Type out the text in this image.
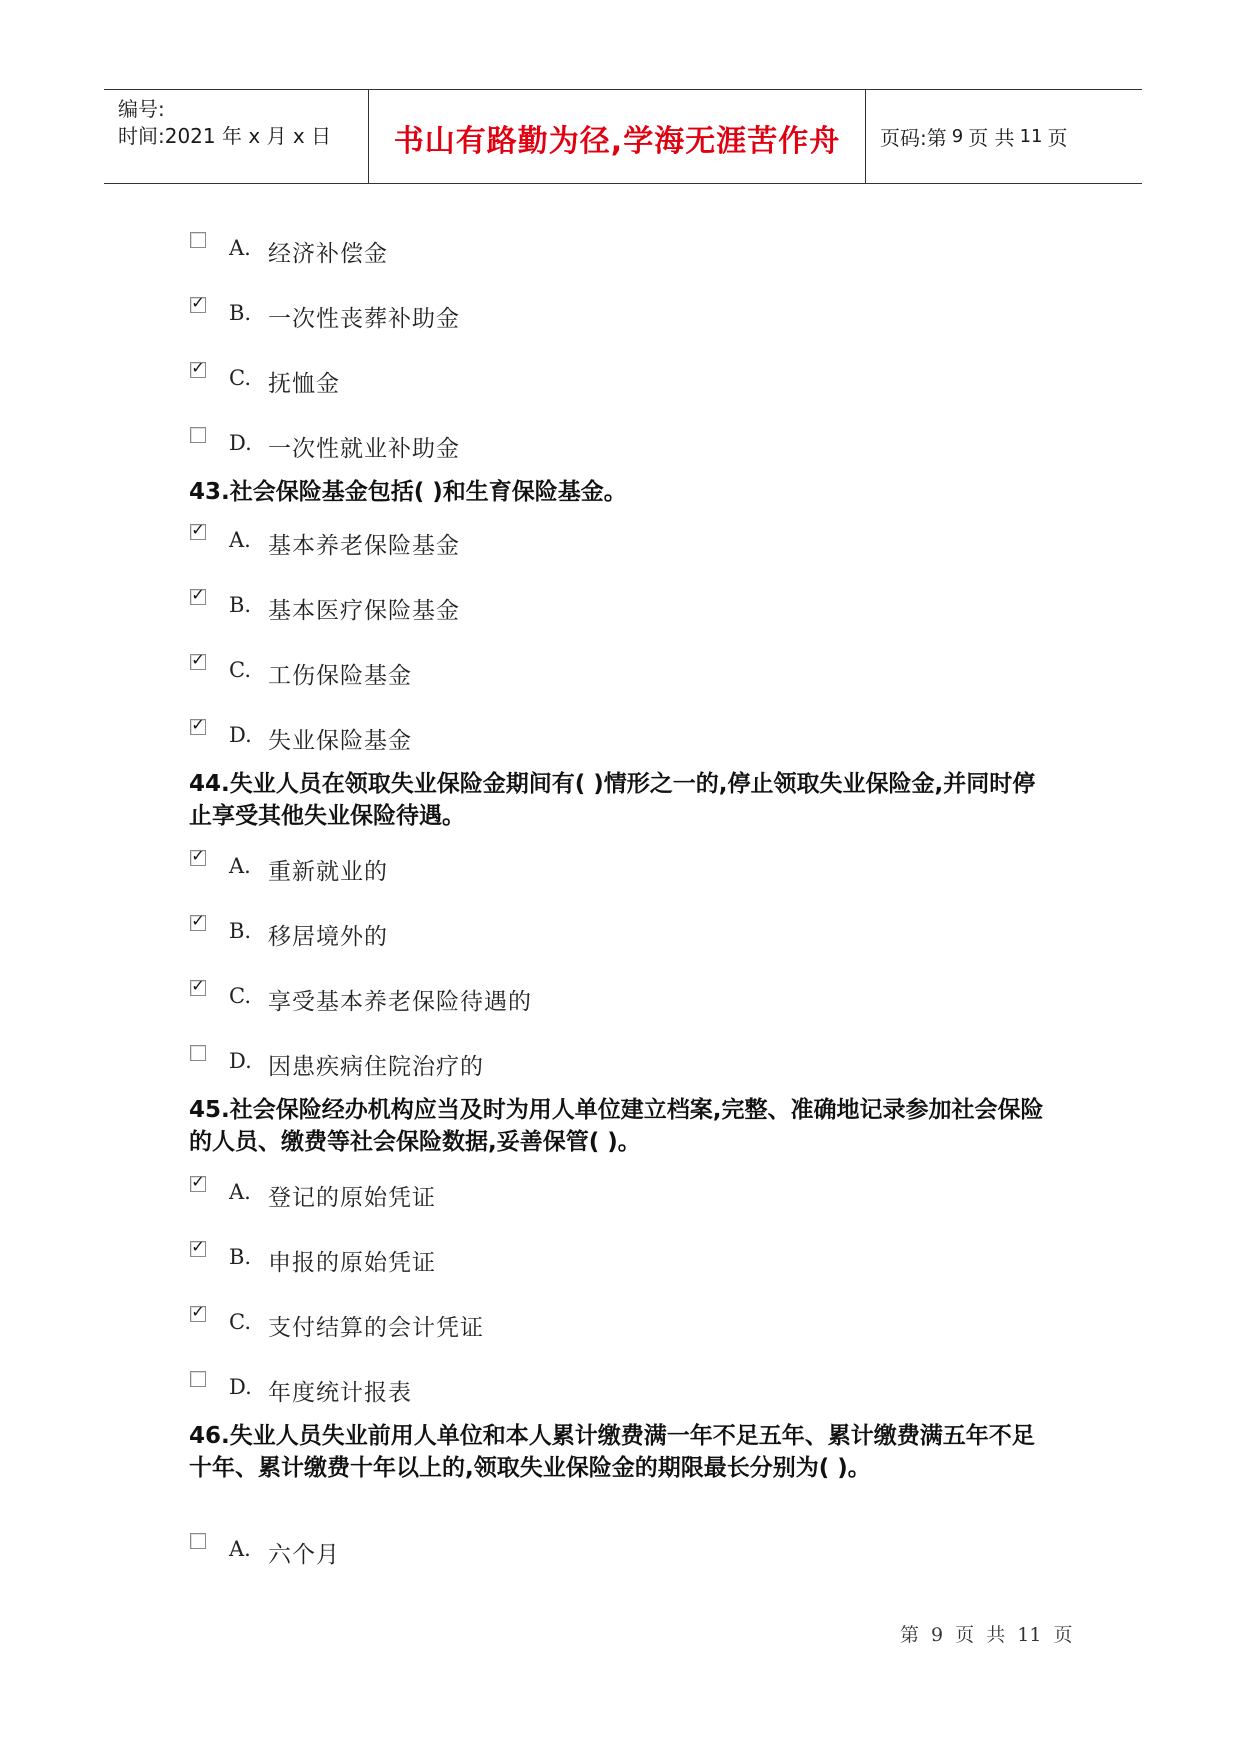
编号:
时间:2021 年 x 月 x 日 书山有路勤为径,学海无涯苦作舟 页码:第 9 页 共 11 页
A. 经济补偿金
✓ B. 一次性丧葬补助金
✓ C. 抚恤金
D. 一次性就业补助金
43.社会保险基金包括( )和生育保险基金。
✓ A. 基本养老保险基金
✓ B. 基本医疗保险基金
✓ C. 工伤保险基金
✓ D. 失业保险基金
44.失业人员在领取失业保险金期间有( )情形之一的,停止领取失业保险金,并同时停止享受其他失业保险待遇。
✓ A. 重新就业的
✓ B. 移居境外的
✓ C. 享受基本养老保险待遇的
D. 因患疾病住院治疗的
45.社会保险经办机构应当及时为用人单位建立档案,完整、准确地记录参加社会保险的人员、缴费等社会保险数据,妥善保管( )。
✓ A. 登记的原始凭证
✓ B. 申报的原始凭证
✓ C. 支付结算的会计凭证
D. 年度统计报表
46.失业人员失业前用人单位和本人累计缴费满一年不足五年、累计缴费满五年不足十年、累计缴费十年以上的,领取失业保险金的期限最长分别为( )。
A. 六个月
第 9 页 共 11 页
